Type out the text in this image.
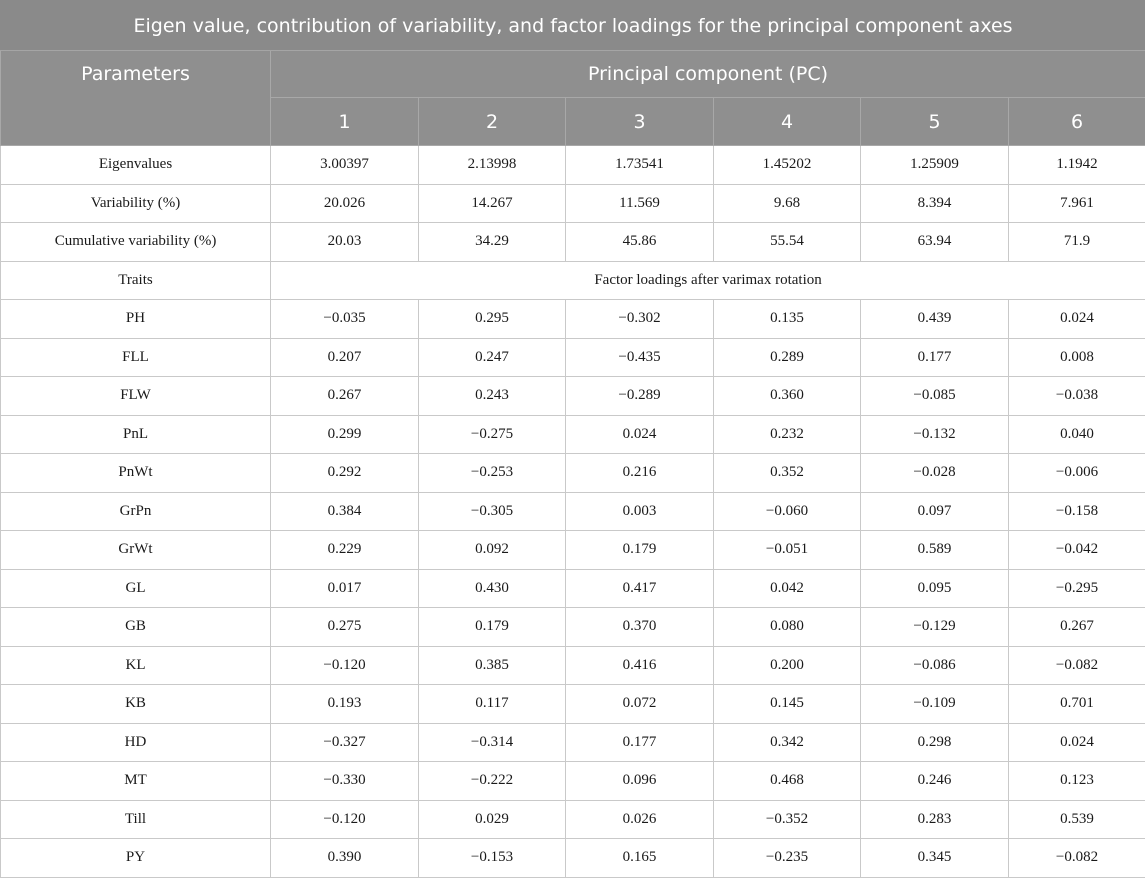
Eigen value, contribution of variability, and factor loadings for the principal component axes						
Parameters	Principal component (PC)					
	1	2	3	4	5	6
Eigenvalues	3.00397	2.13998	1.73541	1.45202	1.25909	1.1942
Variability (%)	20.026	14.267	11.569	9.68	8.394	7.961
Cumulative variability (%)	20.03	34.29	45.86	55.54	63.94	71.9
Traits	Factor loadings after varimax rotation					
PH	−0.035	0.295	−0.302	0.135	0.439	0.024
FLL	0.207	0.247	−0.435	0.289	0.177	0.008
FLW	0.267	0.243	−0.289	0.360	−0.085	−0.038
PnL	0.299	−0.275	0.024	0.232	−0.132	0.040
PnWt	0.292	−0.253	0.216	0.352	−0.028	−0.006
GrPn	0.384	−0.305	0.003	−0.060	0.097	−0.158
GrWt	0.229	0.092	0.179	−0.051	0.589	−0.042
GL	0.017	0.430	0.417	0.042	0.095	−0.295
GB	0.275	0.179	0.370	0.080	−0.129	0.267
KL	−0.120	0.385	0.416	0.200	−0.086	−0.082
KB	0.193	0.117	0.072	0.145	−0.109	0.701
HD	−0.327	−0.314	0.177	0.342	0.298	0.024
MT	−0.330	−0.222	0.096	0.468	0.246	0.123
Till	−0.120	0.029	0.026	−0.352	0.283	0.539
PY	0.390	−0.153	0.165	−0.235	0.345	−0.082
